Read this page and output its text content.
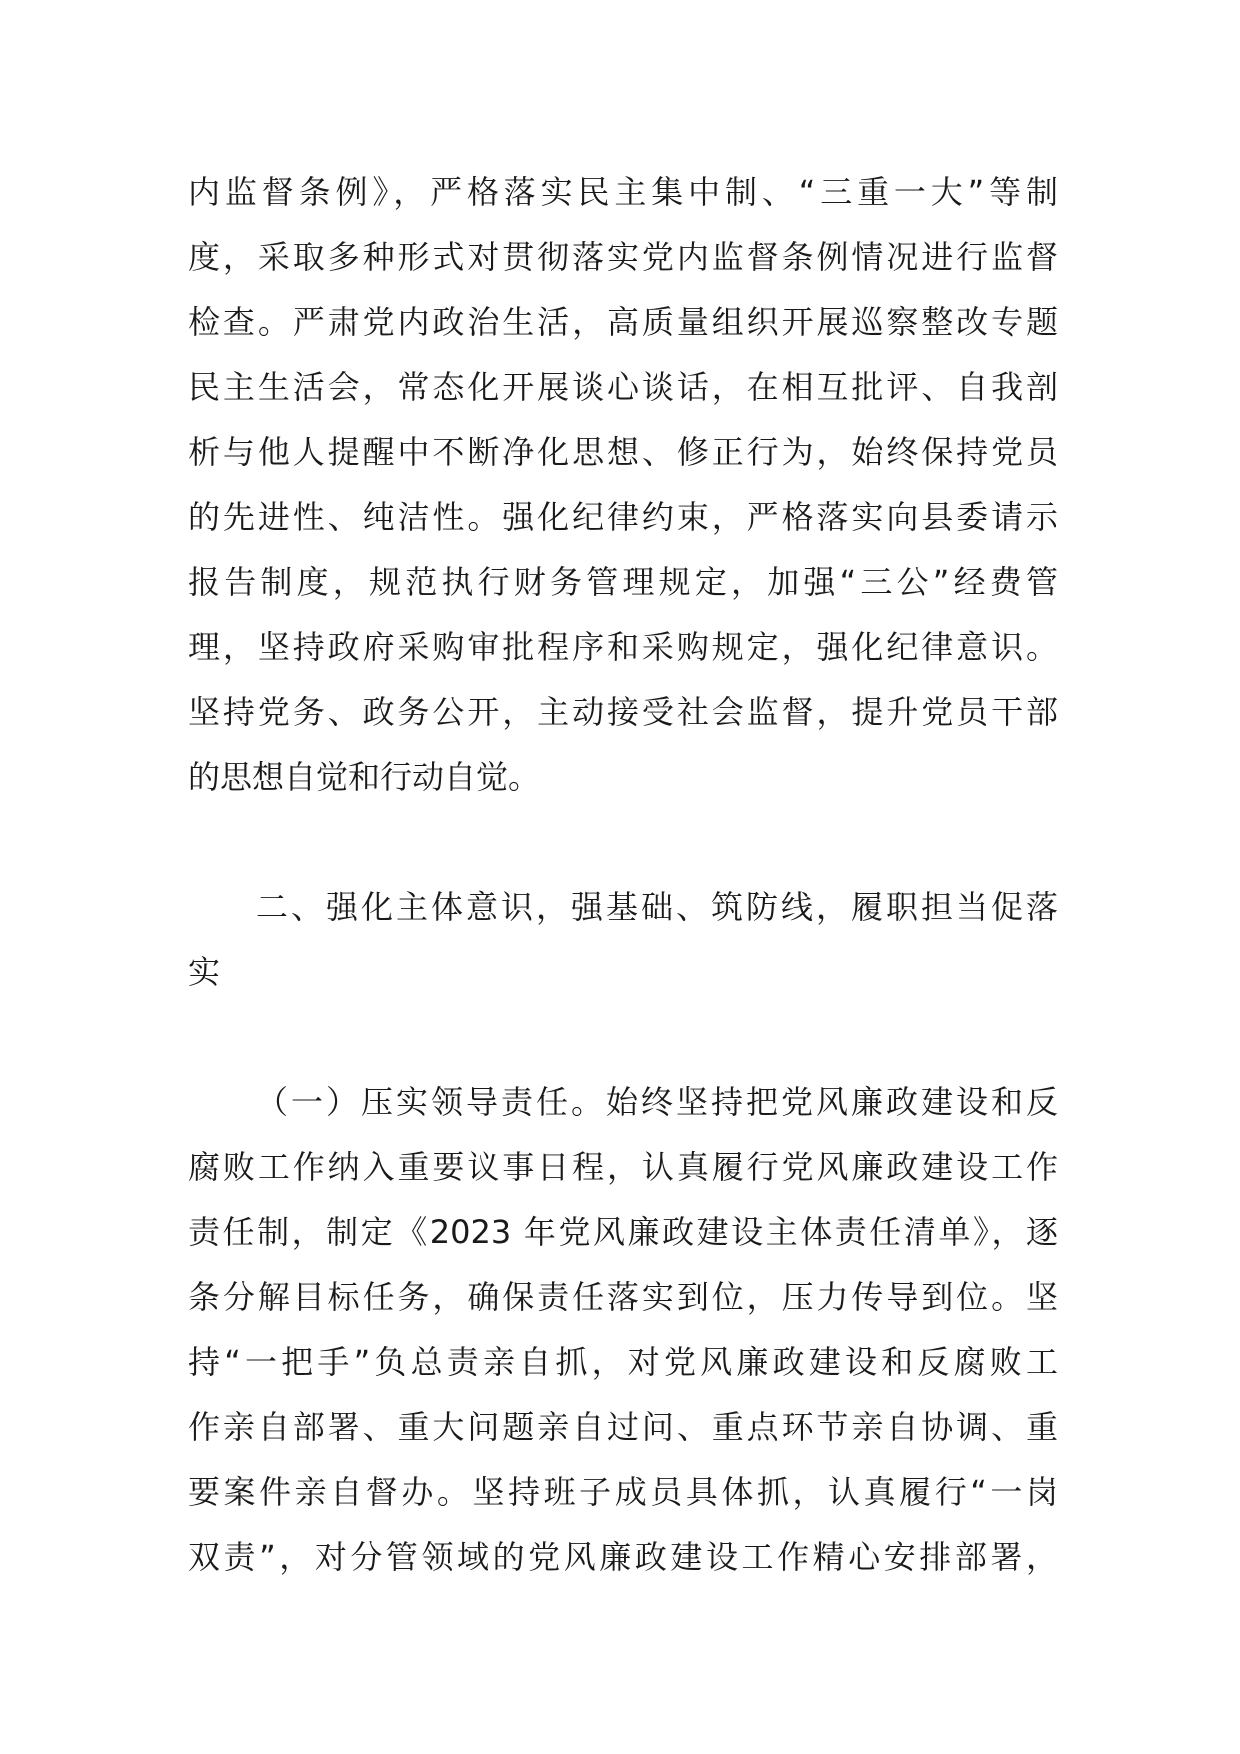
内监督条例》，严格落实民主集中制、“三重一大”等制
度，采取多种形式对贯彻落实党内监督条例情况进行监督
检查。严肃党内政治生活，高质量组织开展巡察整改专题
民主生活会，常态化开展谈心谈话，在相互批评、自我剖
析与他人提醒中不断净化思想、修正行为，始终保持党员
的先进性、纯洁性。强化纪律约束，严格落实向县委请示
报告制度，规范执行财务管理规定，加强“三公”经费管
理，坚持政府采购审批程序和采购规定，强化纪律意识。
坚持党务、政务公开，主动接受社会监督，提升党员干部
的思想自觉和行动自觉。
二、强化主体意识，强基础、筑防线，履职担当促落
实
（一）压实领导责任。始终坚持把党风廉政建设和反
腐败工作纳入重要议事日程，认真履行党风廉政建设工作
责任制，制定《2023 年党风廉政建设主体责任清单》，逐
条分解目标任务，确保责任落实到位，压力传导到位。坚
持“一把手”负总责亲自抓，对党风廉政建设和反腐败工
作亲自部署、重大问题亲自过问、重点环节亲自协调、重
要案件亲自督办。坚持班子成员具体抓，认真履行“一岗
双责”，对分管领域的党风廉政建设工作精心安排部署，
